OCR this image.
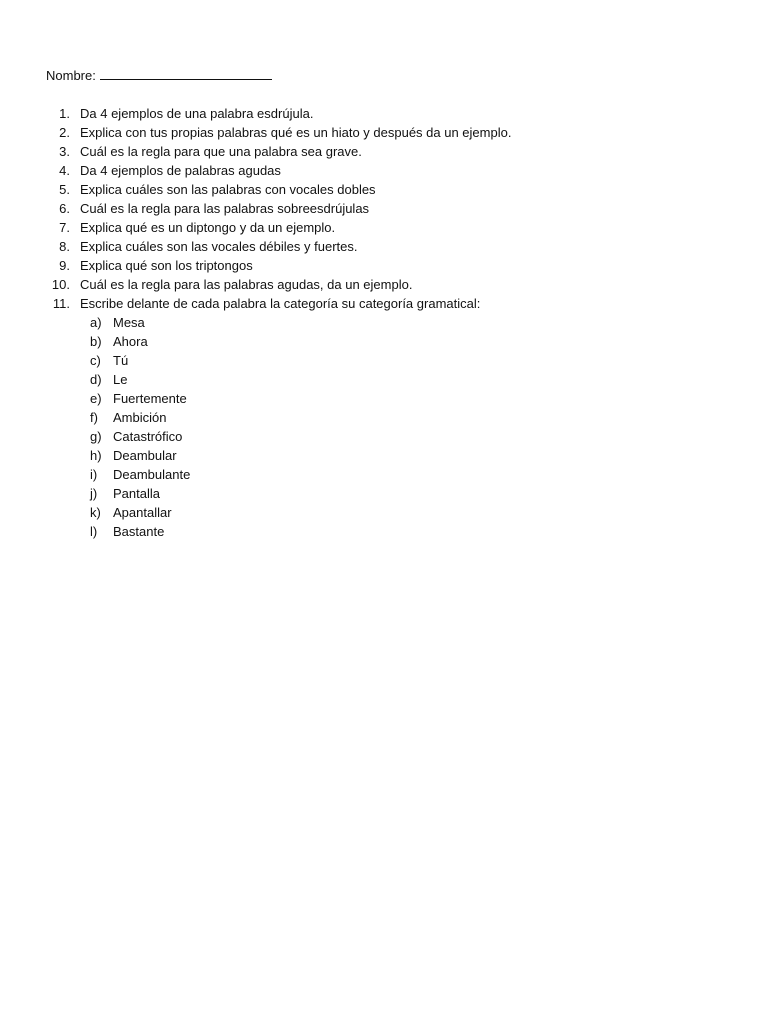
Nombre:
1. Da 4 ejemplos de una palabra esdrújula.
2. Explica con tus propias palabras qué es un hiato y después da un ejemplo.
3. Cuál es la regla para que una palabra sea grave.
4. Da 4 ejemplos de palabras agudas
5. Explica cuáles son las palabras con vocales dobles
6. Cuál es la regla para las palabras sobreesdrújulas
7. Explica qué es un diptongo y da un ejemplo.
8. Explica cuáles son las vocales débiles y fuertes.
9. Explica qué son los triptongos
10. Cuál es la regla para las palabras agudas, da un ejemplo.
11. Escribe delante de cada palabra la categoría su categoría gramatical:
a) Mesa
b) Ahora
c) Tú
d) Le
e) Fuertemente
f)	Ambición
g) Catastrófico
h) Deambular
i)	Deambulante
j)	Pantalla
k) Apantallar
l)	Bastante
